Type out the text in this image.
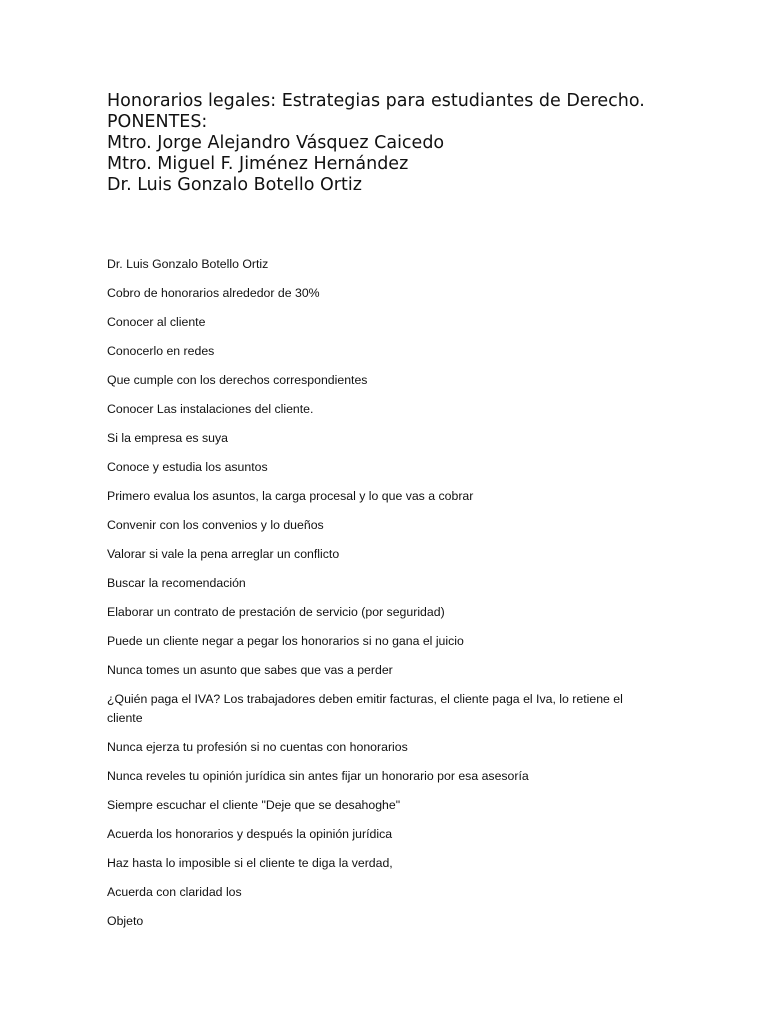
Honorarios legales: Estrategias para estudiantes de Derecho.

PONENTES:

Mtro. Jorge Alejandro Vásquez Caicedo

Mtro. Miguel F. Jiménez Hernández

Dr. Luis Gonzalo Botello Ortiz

Dr. Luis Gonzalo Botello Ortiz

Cobro de honorarios alrededor de 30%

Conocer al cliente

Conocerlo en redes

Que cumple con los derechos correspondientes

Conocer Las instalaciones del cliente.

Si la empresa es suya

Conoce y estudia los asuntos

Primero evalua los asuntos, la carga procesal y lo que vas a cobrar

Convenir con los convenios y lo dueños

Valorar si vale la pena arreglar un conflicto

Buscar la recomendación

Elaborar un contrato de prestación de servicio (por seguridad)

Puede un cliente negar a pegar los honorarios si no gana el juicio

Nunca tomes un asunto que sabes que vas a perder

¿Quién paga el IVA? Los trabajadores deben emitir facturas, el cliente paga el Iva, lo retiene el cliente

Nunca ejerza tu profesión si no cuentas con honorarios

Nunca reveles tu opinión jurídica sin antes fijar un honorario por esa asesoría

Siempre escuchar el cliente "Deje que se desahoghe"

Acuerda los honorarios y después la opinión jurídica

Haz hasta lo imposible si el cliente te diga la verdad,

Acuerda con claridad los

Objeto
